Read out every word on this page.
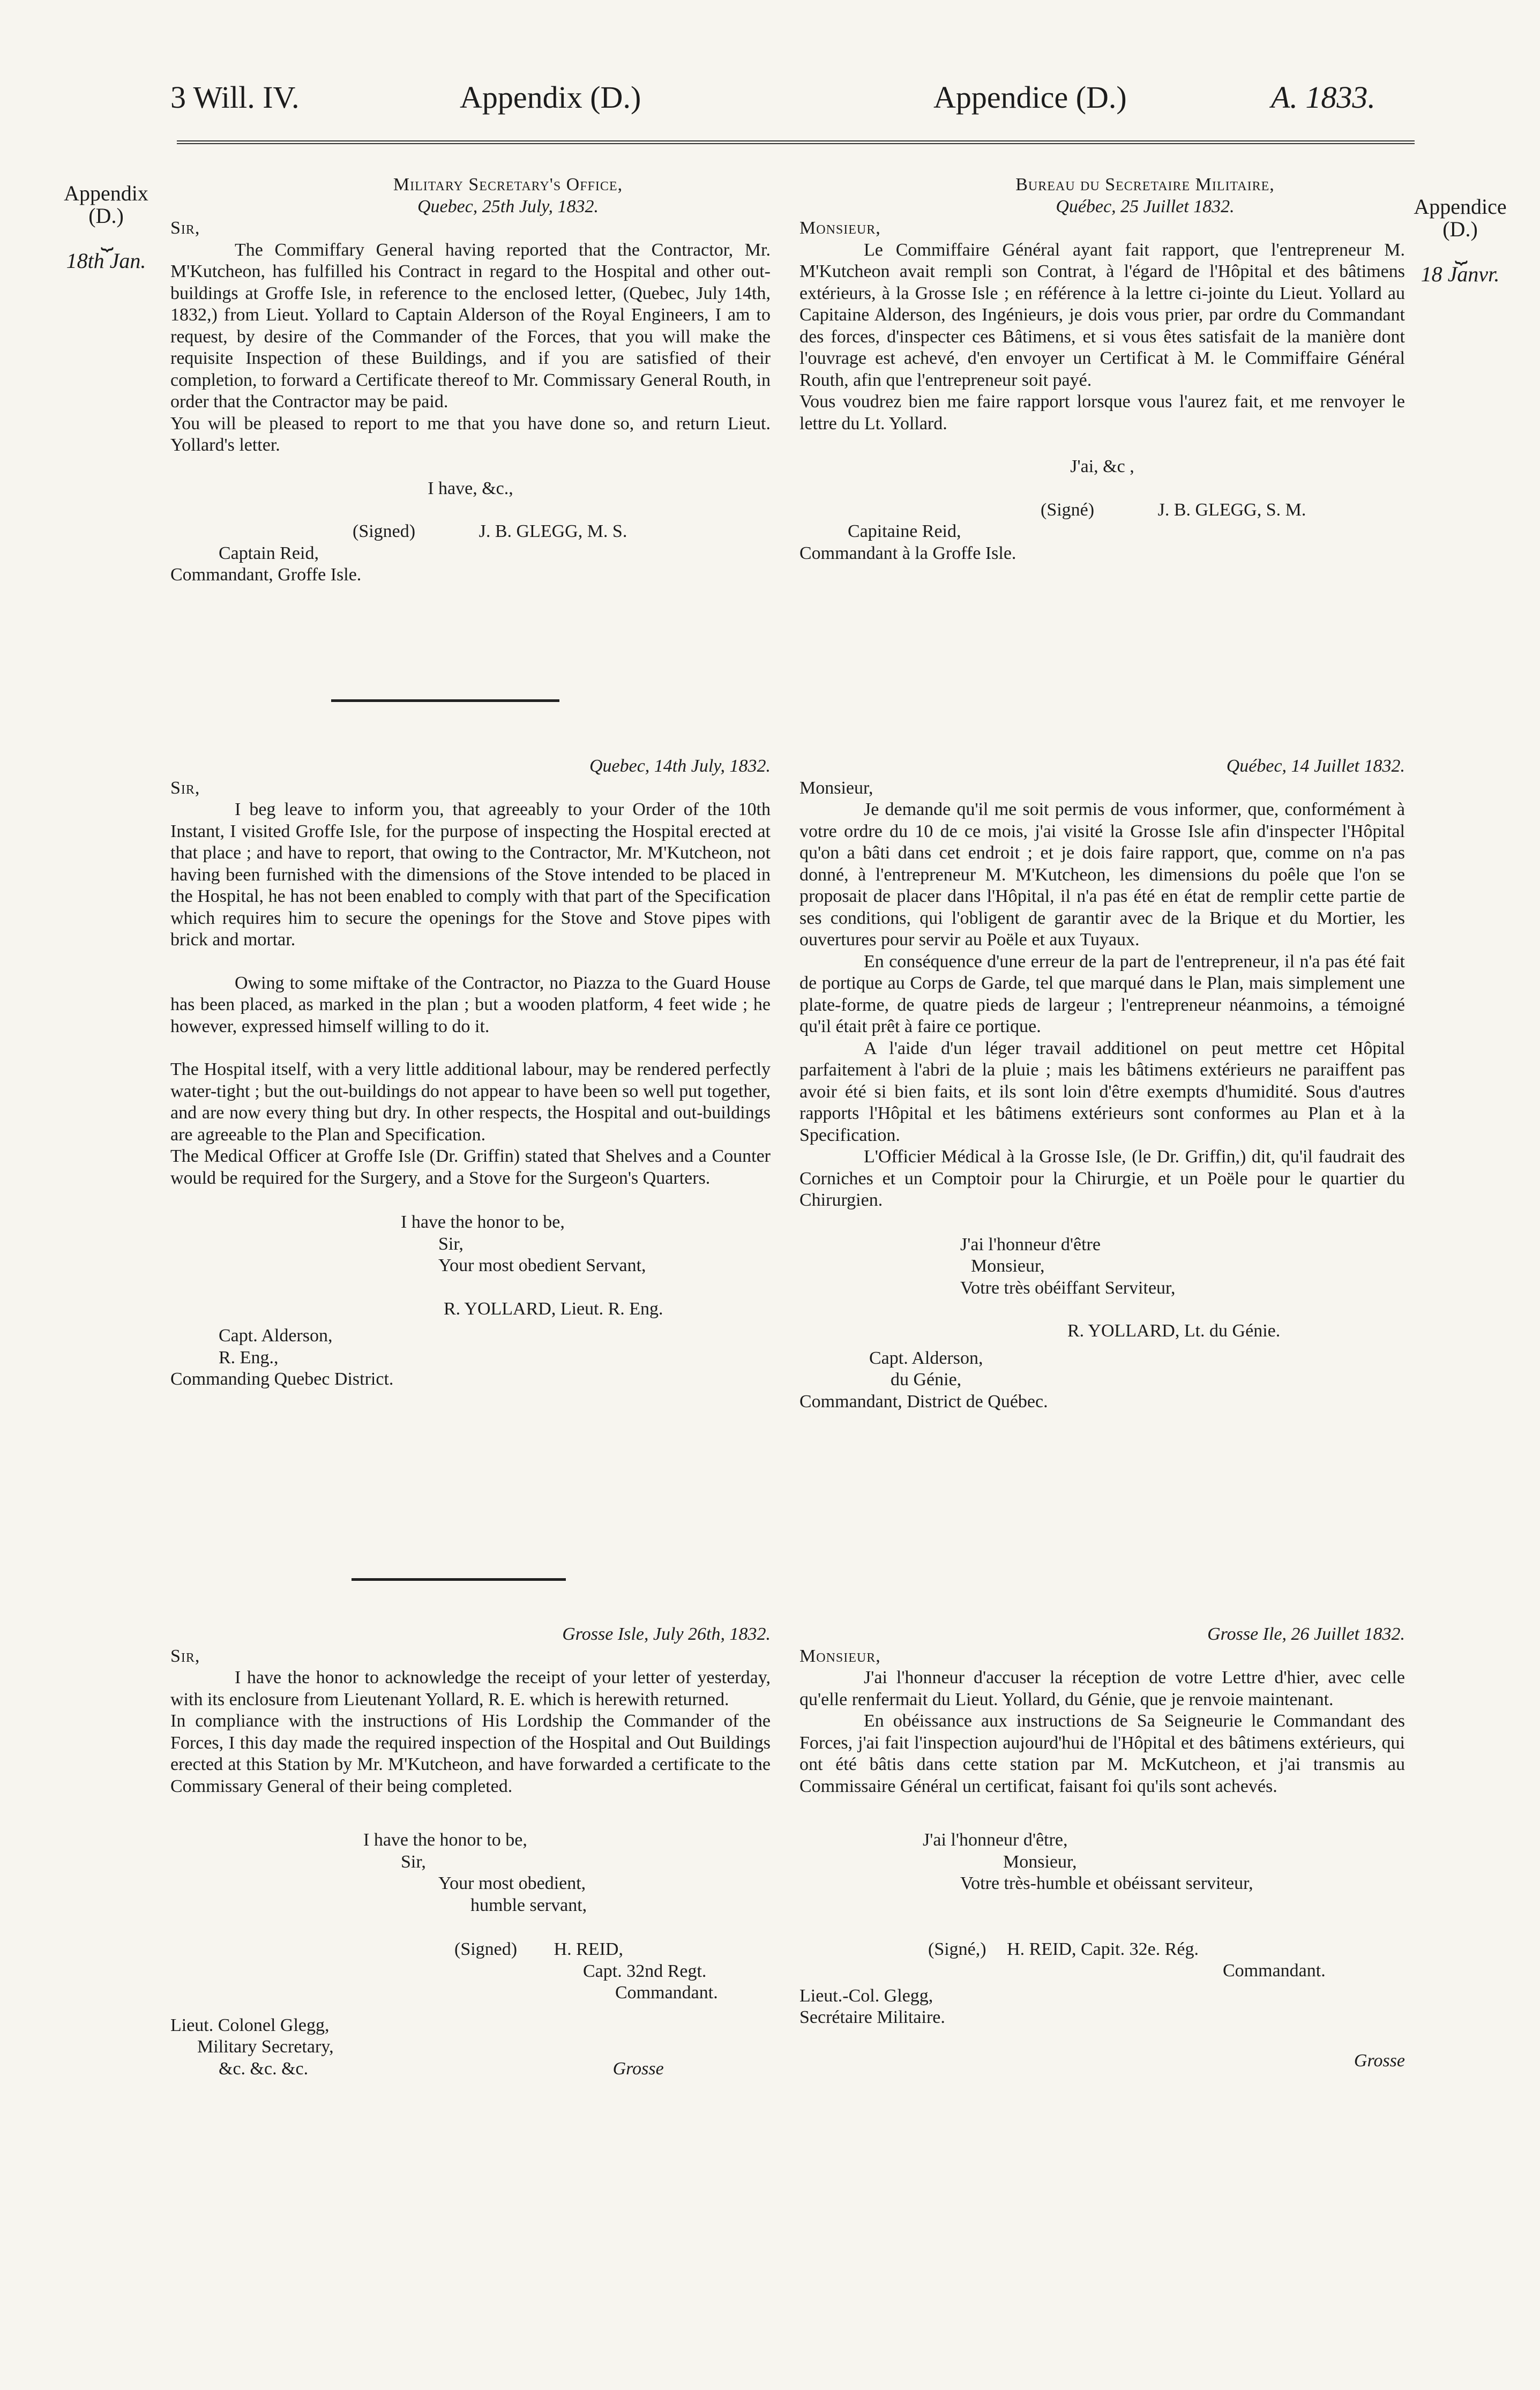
3 Will. IV.	Appendix (D.)	Appendice (D.)	A. 1833.
Appendix
(D.)
⏟
18th Jan.
Appendice
(D.)
⏟
18 Janvr.
Military Secretary's Office,
Quebec, 25th July, 1832.
Sir,

The Commiffary General having reported that the Contractor, Mr. M'Kutcheon, has fulfilled his Contract in regard to the Hospital and other out-buildings at Groffe Isle, in reference to the enclosed letter, (Quebec, July 14th, 1832,) from Lieut. Yollard to Captain Alderson of the Royal Engineers, I am to request, by desire of the Commander of the Forces, that you will make the requisite Inspection of these Buildings, and if you are satisfied of their completion, to forward a Certificate thereof to Mr. Commissary General Routh, in order that the Contractor may be paid.

You will be pleased to report to me that you have done so, and return Lieut. Yollard's letter.

I have, &c.,
(Signed)	J. B. GLEGG, M. S.
Captain Reid,
Commandant, Groffe Isle.
Quebec, 14th July, 1832.
Sir,

I beg leave to inform you, that agreeably to your Order of the 10th Instant, I visited Groffe Isle, for the purpose of inspecting the Hospital erected at that place ; and have to report, that owing to the Contractor, Mr. M'Kutcheon, not having been furnished with the dimensions of the Stove intended to be placed in the Hospital, he has not been enabled to comply with that part of the Specification which requires him to secure the openings for the Stove and Stove pipes with brick and mortar.

Owing to some miftake of the Contractor, no Piazza to the Guard House has been placed, as marked in the plan ; but a wooden platform, 4 feet wide ; he however, expressed himself willing to do it.

The Hospital itself, with a very little additional labour, may be rendered perfectly water-tight ; but the out-buildings do not appear to have been so well put together, and are now every thing but dry. In other respects, the Hospital and out-buildings are agreeable to the Plan and Specification.

The Medical Officer at Groffe Isle (Dr. Griffin) stated that Shelves and a Counter would be required for the Surgery, and a Stove for the Surgeon's Quarters.

I have the honor to be,
Sir,
Your most obedient Servant,
R. YOLLARD, Lieut. R. Eng.
Capt. Alderson,
R. Eng.,
Commanding Quebec District.
Grosse Isle, July 26th, 1832.
Sir,

I have the honor to acknowledge the receipt of your letter of yesterday, with its enclosure from Lieutenant Yollard, R. E. which is herewith returned.

In compliance with the instructions of His Lordship the Commander of the Forces, I this day made the required inspection of the Hospital and Out Buildings erected at this Station by Mr. M'Kutcheon, and have forwarded a certificate to the Commissary General of their being completed.

I have the honor to be,
Sir,
Your most obedient,
humble servant,
(Signed) H. REID,
Capt. 32nd Regt.
Commandant.
Lieut. Colonel Glegg,
Military Secretary,
&c. &c. &c.	Grosse
Bureau du Secretaire Militaire,
Québec, 25 Juillet 1832.
Monsieur,

Le Commiffaire Général ayant fait rapport, que l'entrepreneur M. M'Kutcheon avait rempli son Contrat, à l'égard de l'Hôpital et des bâtimens extérieurs, à la Grosse Isle ; en référence à la lettre ci-jointe du Lieut. Yollard au Capitaine Alderson, des Ingénieurs, je dois vous prier, par ordre du Commandant des forces, d'inspecter ces Bâtimens, et si vous êtes satisfait de la manière dont l'ouvrage est achevé, d'en envoyer un Certificat à M. le Commiffaire Général Routh, afin que l'entrepreneur soit payé.

Vous voudrez bien me faire rapport lorsque vous l'aurez fait, et me renvoyer le lettre du Lt. Yollard.

J'ai, &c ,
(Signé)	J. B. GLEGG, S. M.
Capitaine Reid,
Commandant à la Groffe Isle.
Québec, 14 Juillet 1832.
Monsieur,

Je demande qu'il me soit permis de vous informer, que, conformément à votre ordre du 10 de ce mois, j'ai visité la Grosse Isle afin d'inspecter l'Hôpital qu'on a bâti dans cet endroit ; et je dois faire rapport, que, comme on n'a pas donné, à l'entrepreneur M. M'Kutcheon, les dimensions du poêle que l'on se proposait de placer dans l'Hôpital, il n'a pas été en état de remplir cette partie de ses conditions, qui l'obligent de garantir avec de la Brique et du Mortier, les ouvertures pour servir au Poële et aux Tuyaux.

En conséquence d'une erreur de la part de l'entrepreneur, il n'a pas été fait de portique au Corps de Garde, tel que marqué dans le Plan, mais simplement une plate-forme, de quatre pieds de largeur ; l'entrepreneur néanmoins, a témoigné qu'il était prêt à faire ce portique.

A l'aide d'un léger travail additionel on peut mettre cet Hôpital parfaitement à l'abri de la pluie ; mais les bâtimens extérieurs ne paraiffent pas avoir été si bien faits, et ils sont loin d'être exempts d'humidité. Sous d'autres rapports l'Hôpital et les bâtimens extérieurs sont conformes au Plan et à la Specification.

L'Officier Médical à la Grosse Isle, (le Dr. Griffin,) dit, qu'il faudrait des Corniches et un Comptoir pour la Chirurgie, et un Poële pour le quartier du Chirurgien.

J'ai l'honneur d'être
Monsieur,
Votre très obéiffant Serviteur,
R. YOLLARD, Lt. du Génie.
Capt. Alderson,
du Génie,
Commandant, District de Québec.
Grosse Ile, 26 Juillet 1832.
Monsieur,

J'ai l'honneur d'accuser la réception de votre Lettre d'hier, avec celle qu'elle renfermait du Lieut. Yollard, du Génie, que je renvoie maintenant.

En obéissance aux instructions de Sa Seigneurie le Commandant des Forces, j'ai fait l'inspection aujourd'hui de l'Hôpital et des bâtimens extérieurs, qui ont été bâtis dans cette station par M. McKutcheon, et j'ai transmis au Commissaire Général un certificat, faisant foi qu'ils sont achevés.

J'ai l'honneur d'être,
Monsieur,
Votre très-humble et obéissant serviteur,
(Signé,) H. REID, Capit. 32e. Rég.
Commandant.
Lieut.-Col. Glegg,
Secrétaire Militaire.
Grosse
